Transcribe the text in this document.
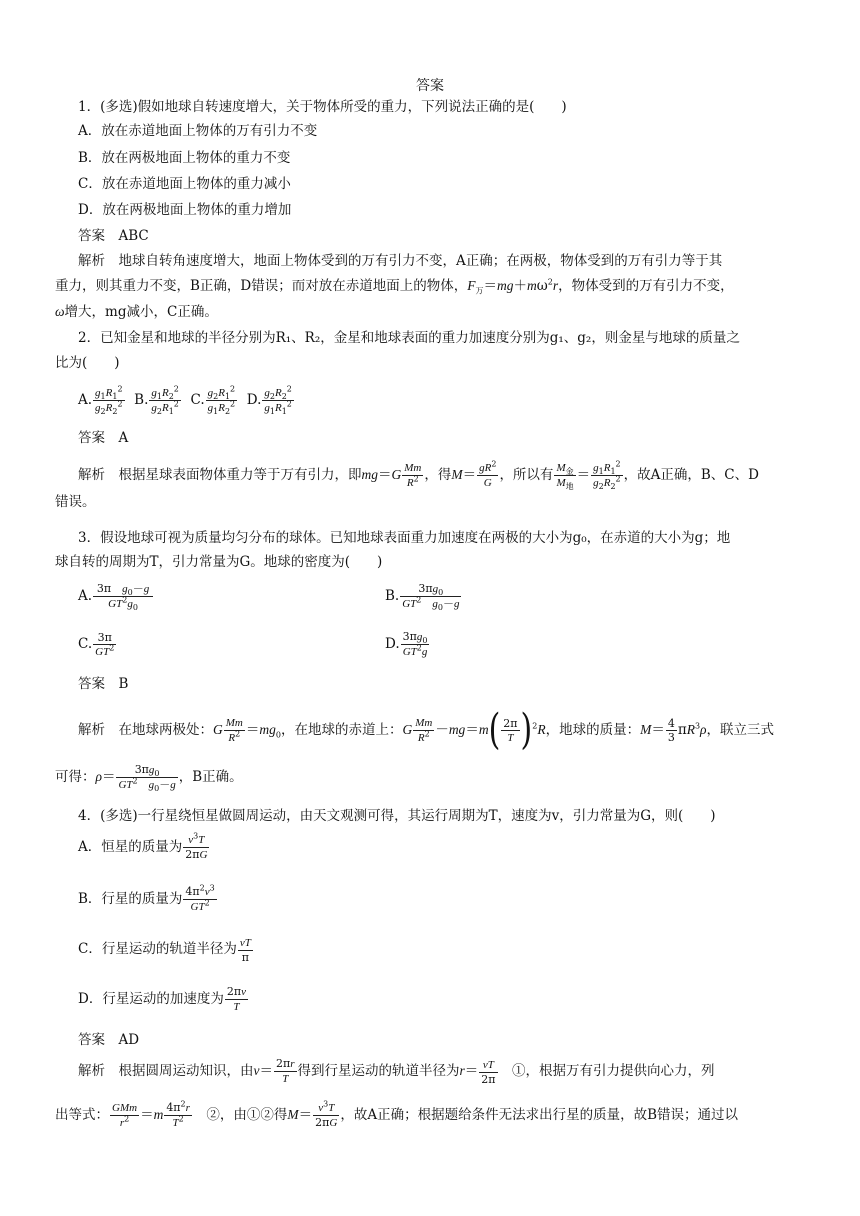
答案
1．(多选)假如地球自转速度增大，关于物体所受的重力，下列说法正确的是(　　)
A．放在赤道地面上物体的万有引力不变
B．放在两极地面上物体的重力不变
C．放在赤道地面上物体的重力减小
D．放在两极地面上物体的重力增加
答案　ABC
解析　地球自转角速度增大，地面上物体受到的万有引力不变，A正确；在两极，物体受到的万有引力等于其
重力，则其重力不变，B正确，D错误；而对放在赤道地面上的物体，$F_万=mg+m\omega^2r$，物体受到的万有引力不变，
ω增大，mg减小，C正确。
2．已知金星和地球的半径分别为R₁、R₂，金星和地球表面的重力加速度分别为g₁、g₂，则金星与地球的质量之
比为(　　)
A. $\frac{g_1R_1^2}{g_2R_2^2} B$. $\frac{g_1R_2^2}{g_2R_1^2} C$. $\frac{g_2R_1^2}{g_1R_2^2} D$. $\frac{g_2R_2^2}{g_1R_1^2}$
答案　A
解析　根据星球表面物体重力等于万有引力，即$mg=G \frac{Mm}{R^2}$ ，得$M= \frac{gR^2}{G}$ ，所以有 $\frac{M_金}{M_地} = \frac{g_1R_1^2}{g_2R_2^2}$ ，故A正确，B、C、D
错误。
3．假设地球可视为质量均匀分布的球体。已知地球表面重力加速度在两极的大小为g₀，在赤道的大小为g；地
球自转的周期为T，引力常量为G。地球的密度为(　　)
A. $\frac{3\pi g_0-g}{GT^2g_0}$	B. $\frac{3\pi g_0}{GT^2 g_0-g}$
C. $\frac{3\pi}{GT^2}$	D. $\frac{3\pi g_0}{GT^2g}$
答案　B
解析　在地球两极处：G $\frac{Mm}{R^2} =mg_0$，在地球的赤道上：G $\frac{Mm}{R^2} -mg=m( \frac{2\pi}{T} )^2R$，地球的质量：$M= \frac{4}{3} \pi R^3\rho$，联立三式
可得：$\rho= \frac{3\pi g_0}{GT^2 g_0-g}$ ，B正确。
4．(多选)一行星绕恒星做圆周运动，由天文观测可得，其运行周期为T，速度为v，引力常量为G，则(　　)
A．恒星的质量为 $\frac{v^3T}{2\pi G}$
B．行星的质量为 $\frac{4\pi^2v^3}{GT^2}$
C．行星运动的轨道半径为 $\frac{vT}{\pi}$
D．行星运动的加速度为 $\frac{2\pi v}{T}$
答案　AD
解析　根据圆周运动知识，由$v= \frac{2\pi r}{T}$ 得到行星运动的轨道半径为$r= \frac{vT}{2\pi}$
　 ①，根据万有引力提供向心力，列
出等式： $\frac{\text{GMm}}{r^2} =m \frac{4\pi^2r}{T^2}$
　 ②，由①②得$M= \frac{v^3T}{2\pi G}$ ，故A正确；根据题给条件无法求出行星的质量，故B错误；通过以
